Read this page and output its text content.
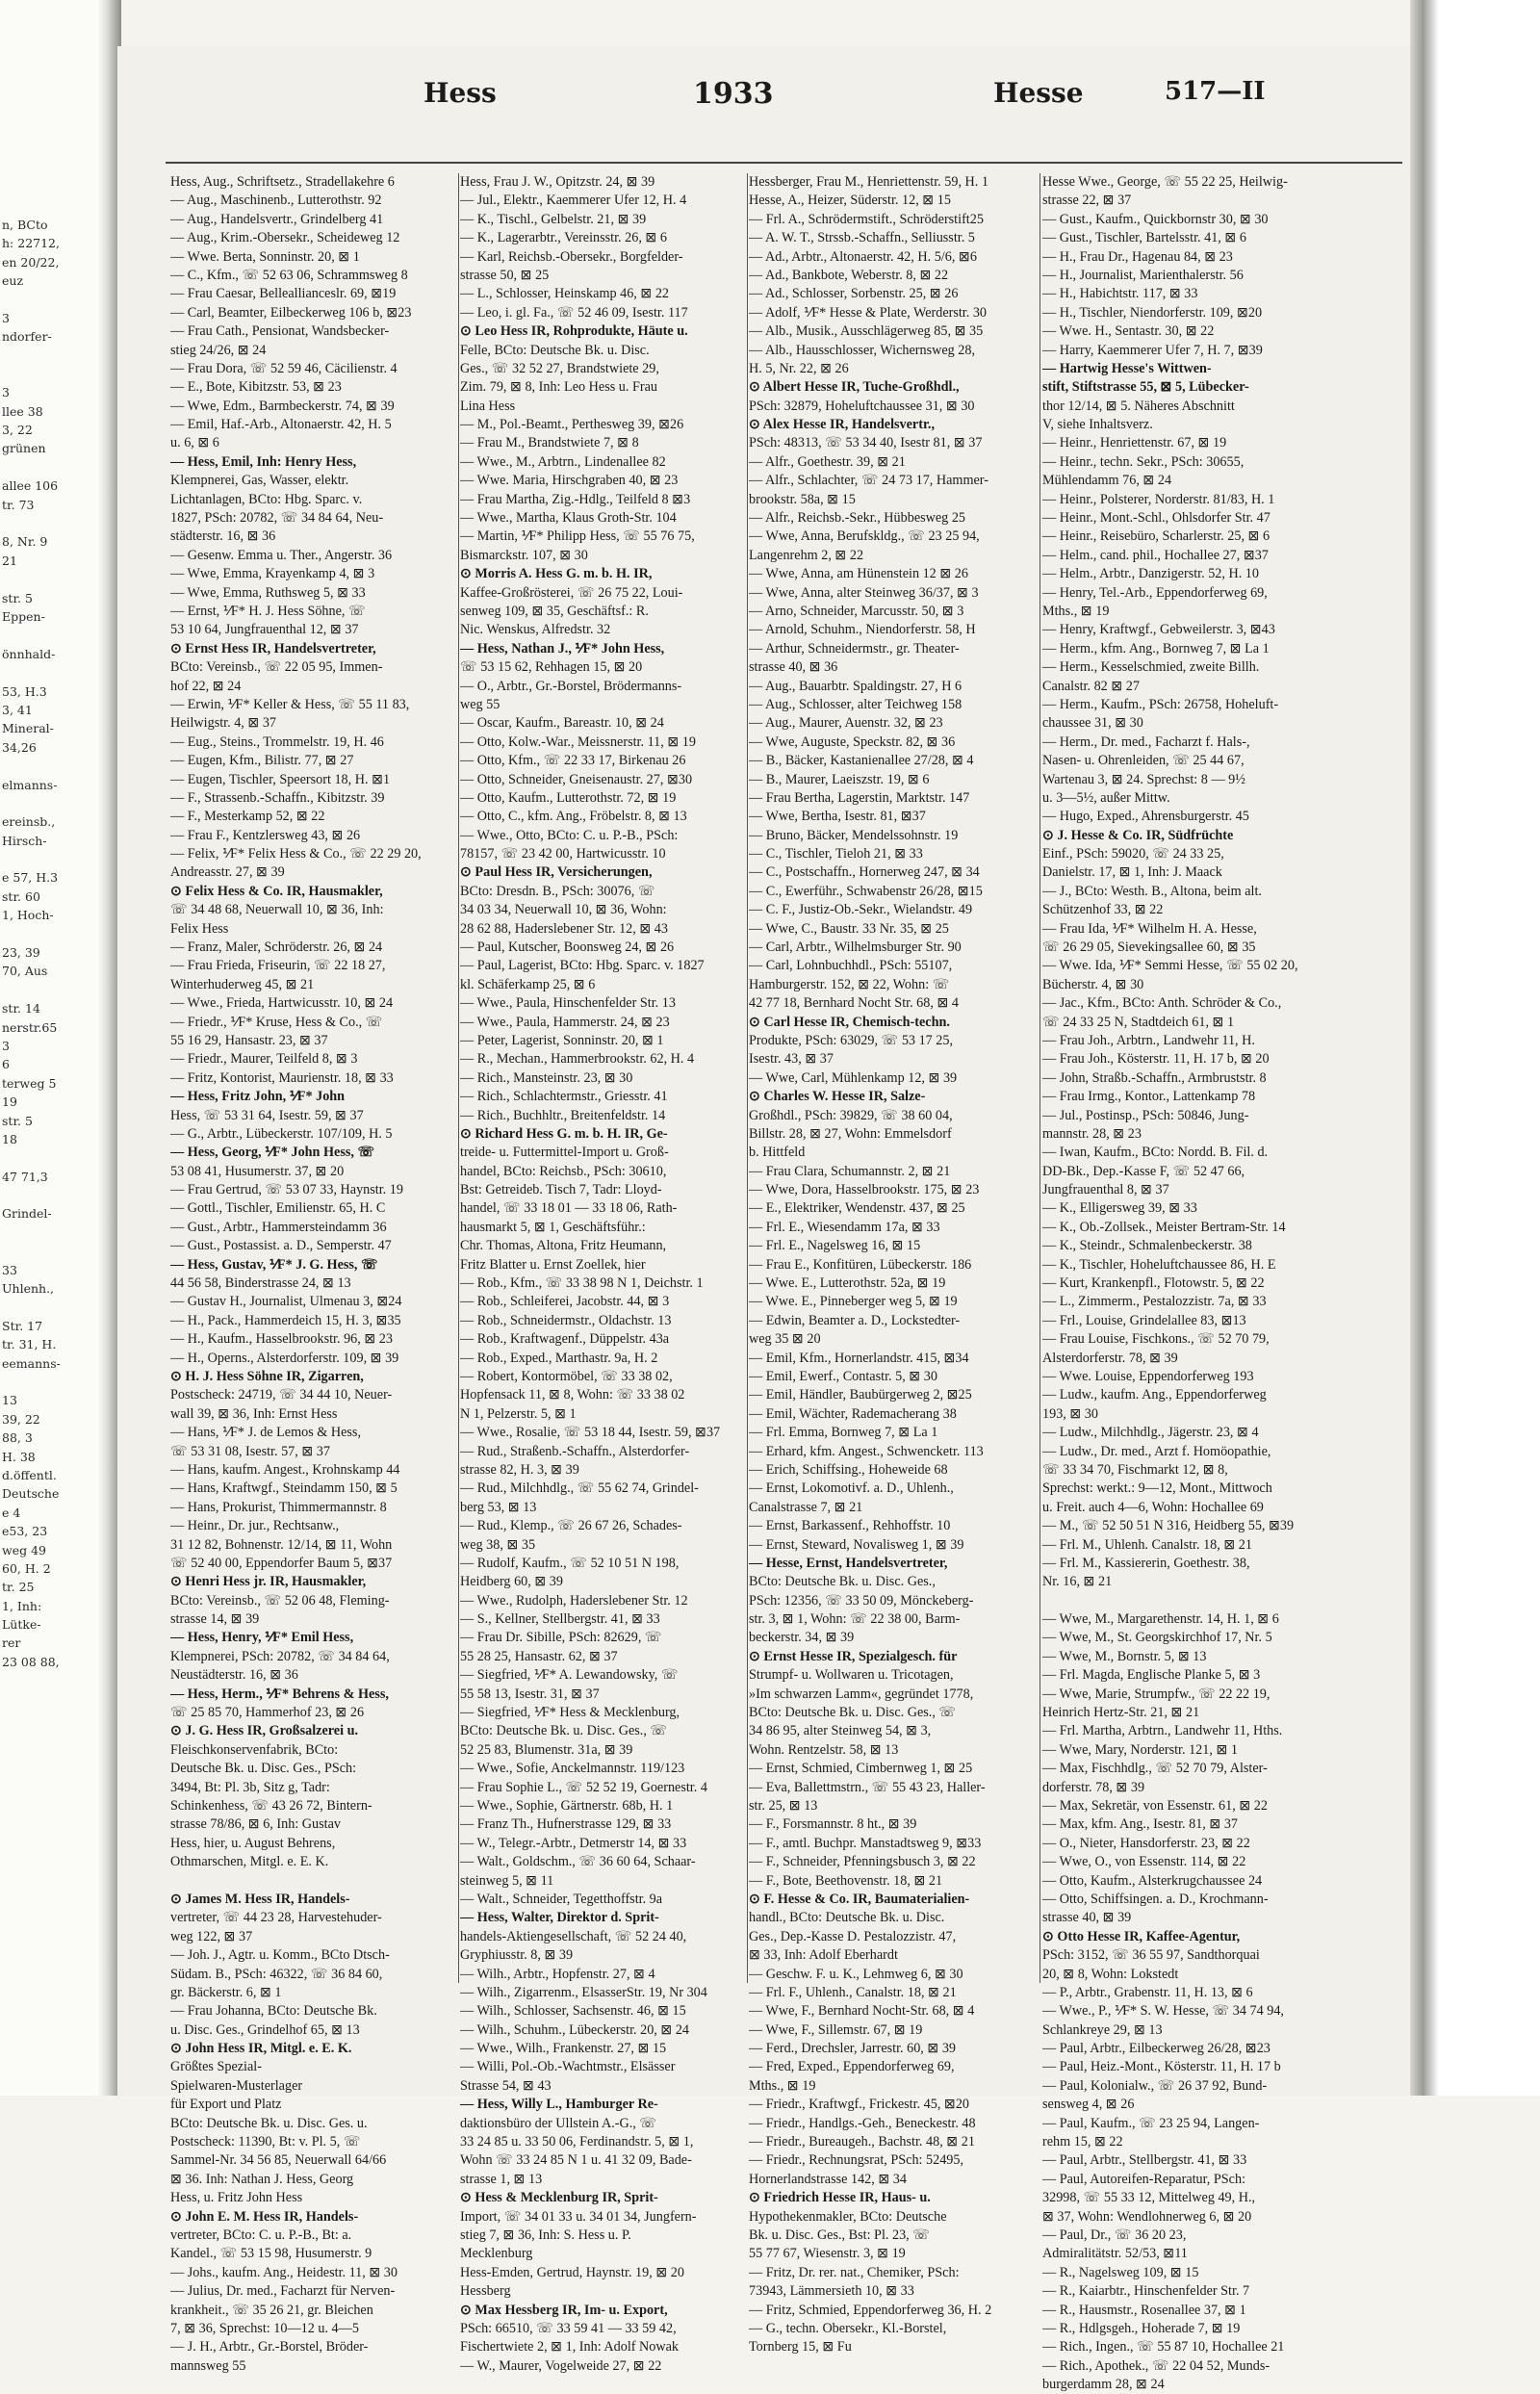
n, BCto
h: 22712,
en 20/22,
euz
3
ndorfer-
3
llee 38
3, 22
grünen
allee 106
tr. 73
8, Nr. 9
21
str. 5
Eppen-
önnhald-
53, H.3
3, 41
Mineral-
34,26
elmanns-
ereinsb.,
Hirsch-
e 57, H.3
str. 60
1, Hoch-
23, 39
70, Aus
str. 14
nerstr.65
3
6
terweg 5
19
str. 5
18
47 71,3
Grindel-
33
Uhlenh.,
Str. 17
tr. 31, H.
eemanns-
13
39, 22
88, 3
H. 38
d.öffentl.
Deutsche
e 4
e53, 23
weg 49
60, H. 2
tr. 25
1, Inh:
Lütke-
rer
23 08 88,
Hess	1933	Hesse	517—II
Hess, Aug., Schriftsetz., Stradellakehre 6
— Aug., Maschinenb., Lutterothstr. 92
— Aug., Handelsvertr., Grindelberg 41
— Aug., Krim.-Obersekr., Scheideweg 12
— Wwe. Berta, Sonninstr. 20, ⊠ 1
— C., Kfm., ☏ 52 63 06, Schrammsweg 8
— Frau Caesar, Belleallianceslr. 69, ⊠19
— Carl, Beamter, Eilbeckerweg 106 b, ⊠23
— Frau Cath., Pensionat, Wandsbecker-
stieg 24/26, ⊠ 24
— Frau Dora, ☏ 52 59 46, Cäcilienstr. 4
— E., Bote, Kibitzstr. 53, ⊠ 23
— Wwe, Edm., Barmbeckerstr. 74, ⊠ 39
— Emil, Haf.-Arb., Altonaerstr. 42, H. 5
u. 6, ⊠ 6
— Hess, Emil, Inh: Henry Hess,
Klempnerei, Gas, Wasser, elektr.
Lichtanlagen, BCto: Hbg. Sparc. v.
1827, PSch: 20782, ☏ 34 84 64, Neu-
städterstr. 16, ⊠ 36
— Gesenw. Emma u. Ther., Angerstr. 36
— Wwe, Emma, Krayenkamp 4, ⊠ 3
— Wwe, Emma, Ruthsweg 5, ⊠ 33
— Ernst, ⅟F* H. J. Hess Söhne, ☏
53 10 64, Jungfrauenthal 12, ⊠ 37
⊙ Ernst Hess IR, Handelsvertreter,
BCto: Vereinsb., ☏ 22 05 95, Immen-
hof 22, ⊠ 24
— Erwin, ⅟F* Keller & Hess, ☏ 55 11 83,
Heilwigstr. 4, ⊠ 37
— Eug., Steins., Trommelstr. 19, H. 46
— Eugen, Kfm., Bilistr. 77, ⊠ 27
— Eugen, Tischler, Speersort 18, H. ⊠1
— F., Strassenb.-Schaffn., Kibitzstr. 39
— F., Mesterkamp 52, ⊠ 22
— Frau F., Kentzlersweg 43, ⊠ 26
— Felix, ⅟F* Felix Hess & Co., ☏ 22 29 20,
Andreasstr. 27, ⊠ 39
⊙ Felix Hess & Co. IR, Hausmakler,
☏ 34 48 68, Neuerwall 10, ⊠ 36, Inh:
Felix Hess
— Franz, Maler, Schröderstr. 26, ⊠ 24
— Frau Frieda, Friseurin, ☏ 22 18 27,
Winterhuderweg 45, ⊠ 21
— Wwe., Frieda, Hartwicusstr. 10, ⊠ 24
— Friedr., ⅟F* Kruse, Hess & Co., ☏
55 16 29, Hansastr. 23, ⊠ 37
— Friedr., Maurer, Teilfeld 8, ⊠ 3
— Fritz, Kontorist, Maurienstr. 18, ⊠ 33
— Hess, Fritz John, ⅟F* John
Hess, ☏ 53 31 64, Isestr. 59, ⊠ 37
— G., Arbtr., Lübeckerstr. 107/109, H. 5
— Hess, Georg, ⅟F* John Hess, ☏
53 08 41, Husumerstr. 37, ⊠ 20
— Frau Gertrud, ☏ 53 07 33, Haynstr. 19
— Gottl., Tischler, Emilienstr. 65, H. C
— Gust., Arbtr., Hammersteindamm 36
— Gust., Postassist. a. D., Semperstr. 47
— Hess, Gustav, ⅟F* J. G. Hess, ☏
44 56 58, Binderstrasse 24, ⊠ 13
— Gustav H., Journalist, Ulmenau 3, ⊠24
— H., Pack., Hammerdeich 15, H. 3, ⊠35
— H., Kaufm., Hasselbrookstr. 96, ⊠ 23
— H., Operns., Alsterdorferstr. 109, ⊠ 39
⊙ H. J. Hess Söhne IR, Zigarren,
Postscheck: 24719, ☏ 34 44 10, Neuer-
wall 39, ⊠ 36, Inh: Ernst Hess
— Hans, ⅟F* J. de Lemos & Hess,
☏ 53 31 08, Isestr. 57, ⊠ 37
— Hans, kaufm. Angest., Krohnskamp 44
— Hans, Kraftwgf., Steindamm 150, ⊠ 5
— Hans, Prokurist, Thimmermannstr. 8
— Heinr., Dr. jur., Rechtsanw.,
31 12 82, Bohnenstr. 12/14, ⊠ 11, Wohn
☏ 52 40 00, Eppendorfer Baum 5, ⊠37
⊙ Henri Hess jr. IR, Hausmakler,
BCto: Vereinsb., ☏ 52 06 48, Fleming-
strasse 14, ⊠ 39
— Hess, Henry, ⅟F* Emil Hess,
Klempnerei, PSch: 20782, ☏ 34 84 64,
Neustädterstr. 16, ⊠ 36
— Hess, Herm., ⅟F* Behrens & Hess,
☏ 25 85 70, Hammerhof 23, ⊠ 26
⊙ J. G. Hess IR, Großsalzerei u.
Fleischkonservenfabrik, BCto:
Deutsche Bk. u. Disc. Ges., PSch:
3494, Bt: Pl. 3b, Sitz g, Tadr:
Schinkenhess, ☏ 43 26 72, Bintern-
strasse 78/86, ⊠ 6, Inh: Gustav
Hess, hier, u. August Behrens,
Othmarschen, Mitgl. e. E. K.
⊙ James M. Hess IR, Handels-
vertreter, ☏ 44 23 28, Harvestehuder-
weg 122, ⊠ 37
— Joh. J., Agtr. u. Komm., BCto Dtsch-
Südam. B., PSch: 46322, ☏ 36 84 60,
gr. Bäckerstr. 6, ⊠ 1
— Frau Johanna, BCto: Deutsche Bk.
u. Disc. Ges., Grindelhof 65, ⊠ 13
⊙ John Hess IR, Mitgl. e. E. K.
Größtes Spezial-
Spielwaren-Musterlager
für Export und Platz
BCto: Deutsche Bk. u. Disc. Ges. u.
Postscheck: 11390, Bt: v. Pl. 5, ☏
Sammel-Nr. 34 56 85, Neuerwall 64/66
⊠ 36. Inh: Nathan J. Hess, Georg
Hess, u. Fritz John Hess
⊙ John E. M. Hess IR, Handels-
vertreter, BCto: C. u. P.-B., Bt: a.
Kandel., ☏ 53 15 98, Husumerstr. 9
— Johs., kaufm. Ang., Heidestr. 11, ⊠ 30
— Julius, Dr. med., Facharzt für Nerven-
krankheit., ☏ 35 26 21, gr. Bleichen
7, ⊠ 36, Sprechst: 10—12 u. 4—5
— J. H., Arbtr., Gr.-Borstel, Bröder-
mannsweg 55
Hess, Frau J. W., Opitzstr. 24, ⊠ 39
— Jul., Elektr., Kaemmerer Ufer 12, H. 4
— K., Tischl., Gelbelstr. 21, ⊠ 39
— K., Lagerarbtr., Vereinsstr. 26, ⊠ 6
— Karl, Reichsb.-Obersekr., Borgfelder-
strasse 50, ⊠ 25
— L., Schlosser, Heinskamp 46, ⊠ 22
— Leo, i. gl. Fa., ☏ 52 46 09, Isestr. 117
⊙ Leo Hess IR, Rohprodukte, Häute u.
Felle, BCto: Deutsche Bk. u. Disc.
Ges., ☏ 32 52 27, Brandstwiete 29,
Zim. 79, ⊠ 8, Inh: Leo Hess u. Frau
Lina Hess
— M., Pol.-Beamt., Perthesweg 39, ⊠26
— Frau M., Brandstwiete 7, ⊠ 8
— Wwe., M., Arbtrn., Lindenallee 82
— Wwe. Maria, Hirschgraben 40, ⊠ 23
— Frau Martha, Zig.-Hdlg., Teilfeld 8 ⊠3
— Wwe., Martha, Klaus Groth-Str. 104
— Martin, ⅟F* Philipp Hess, ☏ 55 76 75,
Bismarckstr. 107, ⊠ 30
⊙ Morris A. Hess G. m. b. H. IR,
Kaffee-Großrösterei, ☏ 26 75 22, Loui-
senweg 109, ⊠ 35, Geschäftsf.: R.
Nic. Wenskus, Alfredstr. 32
— Hess, Nathan J., ⅟F* John Hess,
☏ 53 15 62, Rehhagen 15, ⊠ 20
— O., Arbtr., Gr.-Borstel, Brödermanns-
weg 55
— Oscar, Kaufm., Bareastr. 10, ⊠ 24
— Otto, Kolw.-War., Meissnerstr. 11, ⊠ 19
— Otto, Kfm., ☏ 22 33 17, Birkenau 26
— Otto, Schneider, Gneisenaustr. 27, ⊠30
— Otto, Kaufm., Lutterothstr. 72, ⊠ 19
— Otto, C., kfm. Ang., Fröbelstr. 8, ⊠ 13
— Wwe., Otto, BCto: C. u. P.-B., PSch:
78157, ☏ 23 42 00, Hartwicusstr. 10
⊙ Paul Hess IR, Versicherungen,
BCto: Dresdn. B., PSch: 30076, ☏
34 03 34, Neuerwall 10, ⊠ 36, Wohn:
28 62 88, Haderslebener Str. 12, ⊠ 43
— Paul, Kutscher, Boonsweg 24, ⊠ 26
— Paul, Lagerist, BCto: Hbg. Sparc. v. 1827
kl. Schäferkamp 25, ⊠ 6
— Wwe., Paula, Hinschenfelder Str. 13
— Wwe., Paula, Hammerstr. 24, ⊠ 23
— Peter, Lagerist, Sonninstr. 20, ⊠ 1
— R., Mechan., Hammerbrookstr. 62, H. 4
— Rich., Mansteinstr. 23, ⊠ 30
— Rich., Schlachtermstr., Griesstr. 41
— Rich., Buchhltr., Breitenfeldstr. 14
⊙ Richard Hess G. m. b. H. IR, Ge-
treide- u. Futtermittel-Import u. Groß-
handel, BCto: Reichsb., PSch: 30610,
Bst: Getreideb. Tisch 7, Tadr: Lloyd-
handel, ☏ 33 18 01 — 33 18 06, Rath-
hausmarkt 5, ⊠ 1, Geschäftsführ.:
Chr. Thomas, Altona, Fritz Heumann,
Fritz Blatter u. Ernst Zoellek, hier
— Rob., Kfm., ☏ 33 38 98 N 1, Deichstr. 1
— Rob., Schleiferei, Jacobstr. 44, ⊠ 3
— Rob., Schneidermstr., Oldachstr. 13
— Rob., Kraftwagenf., Düppelstr. 43a
— Rob., Exped., Marthastr. 9a, H. 2
— Robert, Kontormöbel, ☏ 33 38 02,
Hopfensack 11, ⊠ 8, Wohn: ☏ 33 38 02
N 1, Pelzerstr. 5, ⊠ 1
— Wwe., Rosalie, ☏ 53 18 44, Isestr. 59, ⊠37
— Rud., Straßenb.-Schaffn., Alsterdorfer-
strasse 82, H. 3, ⊠ 39
— Rud., Milchhdlg., ☏ 55 62 74, Grindel-
berg 53, ⊠ 13
— Rud., Klemp., ☏ 26 67 26, Schades-
weg 38, ⊠ 35
— Rudolf, Kaufm., ☏ 52 10 51 N 198,
Heidberg 60, ⊠ 39
— Wwe., Rudolph, Haderslebener Str. 12
— S., Kellner, Stellbergstr. 41, ⊠ 33
— Frau Dr. Sibille, PSch: 82629, ☏
55 28 25, Hansastr. 62, ⊠ 37
— Siegfried, ⅟F* A. Lewandowsky, ☏
55 58 13, Isestr. 31, ⊠ 37
— Siegfried, ⅟F* Hess & Mecklenburg,
BCto: Deutsche Bk. u. Disc. Ges., ☏
52 25 83, Blumenstr. 31a, ⊠ 39
— Wwe., Sofie, Anckelmannstr. 119/123
— Frau Sophie L., ☏ 52 52 19, Goernestr. 4
— Wwe., Sophie, Gärtnerstr. 68b, H. 1
— Franz Th., Hufnerstrasse 129, ⊠ 33
— W., Telegr.-Arbtr., Detmerstr 14, ⊠ 33
— Walt., Goldschm., ☏ 36 60 64, Schaar-
steinweg 5, ⊠ 11
— Walt., Schneider, Tegetthoffstr. 9a
— Hess, Walter, Direktor d. Sprit-
handels-Aktiengesellschaft, ☏ 52 24 40,
Gryphiusstr. 8, ⊠ 39
— Wilh., Arbtr., Hopfenstr. 27, ⊠ 4
— Wilh., Zigarrenm., ElsasserStr. 19, Nr 304
— Wilh., Schlosser, Sachsenstr. 46, ⊠ 15
— Wilh., Schuhm., Lübeckerstr. 20, ⊠ 24
— Wwe., Wilh., Frankenstr. 27, ⊠ 15
— Willi, Pol.-Ob.-Wachtmstr., Elsässer
Strasse 54, ⊠ 43
— Hess, Willy L., Hamburger Re-
daktionsbüro der Ullstein A.-G., ☏
33 24 85 u. 33 50 06, Ferdinandstr. 5, ⊠ 1,
Wohn ☏ 33 24 85 N 1 u. 41 32 09, Bade-
strasse 1, ⊠ 13
⊙ Hess & Mecklenburg IR, Sprit-
Import, ☏ 34 01 33 u. 34 01 34, Jungfern-
stieg 7, ⊠ 36, Inh: S. Hess u. P.
Mecklenburg
Hess-Emden, Gertrud, Haynstr. 19, ⊠ 20
Hessberg
⊙ Max Hessberg IR, Im- u. Export,
PSch: 66510, ☏ 33 59 41 — 33 59 42,
Fischertwiete 2, ⊠ 1, Inh: Adolf Nowak
— W., Maurer, Vogelweide 27, ⊠ 22
Hessberger, Frau M., Henriettenstr. 59, H. 1
Hesse, A., Heizer, Süderstr. 12, ⊠ 15
— Frl. A., Schrödermstift., Schröderstift25
— A. W. T., Strssb.-Schaffn., Selliusstr. 5
— Ad., Arbtr., Altonaerstr. 42, H. 5/6, ⊠6
— Ad., Bankbote, Weberstr. 8, ⊠ 22
— Ad., Schlosser, Sorbenstr. 25, ⊠ 26
— Adolf, ⅟F* Hesse & Plate, Werderstr. 30
— Alb., Musik., Ausschlägerweg 85, ⊠ 35
— Alb., Hausschlosser, Wichernsweg 28,
H. 5, Nr. 22, ⊠ 26
⊙ Albert Hesse IR, Tuche-Großhdl.,
PSch: 32879, Hoheluftchaussee 31, ⊠ 30
⊙ Alex Hesse IR, Handelsvertr.,
PSch: 48313, ☏ 53 34 40, Isestr 81, ⊠ 37
— Alfr., Goethestr. 39, ⊠ 21
— Alfr., Schlachter, ☏ 24 73 17, Hammer-
brookstr. 58a, ⊠ 15
— Alfr., Reichsb.-Sekr., Hübbesweg 25
— Wwe, Anna, Berufskldg., ☏ 23 25 94,
Langenrehm 2, ⊠ 22
— Wwe, Anna, am Hünenstein 12 ⊠ 26
— Wwe, Anna, alter Steinweg 36/37, ⊠ 3
— Arno, Schneider, Marcusstr. 50, ⊠ 3
— Arnold, Schuhm., Niendorferstr. 58, H
— Arthur, Schneidermstr., gr. Theater-
strasse 40, ⊠ 36
— Aug., Bauarbtr. Spaldingstr. 27, H 6
— Aug., Schlosser, alter Teichweg 158
— Aug., Maurer, Auenstr. 32, ⊠ 23
— Wwe, Auguste, Speckstr. 82, ⊠ 36
— B., Bäcker, Kastanienallee 27/28, ⊠ 4
— B., Maurer, Laeiszstr. 19, ⊠ 6
— Frau Bertha, Lagerstin, Marktstr. 147
— Wwe, Bertha, Isestr. 81, ⊠37
— Bruno, Bäcker, Mendelssohnstr. 19
— C., Tischler, Tieloh 21, ⊠ 33
— C., Postschaffn., Hornerweg 247, ⊠ 34
— C., Ewerführ., Schwabenstr 26/28, ⊠15
— C. F., Justiz-Ob.-Sekr., Wielandstr. 49
— Wwe, C., Baustr. 33 Nr. 35, ⊠ 25
— Carl, Arbtr., Wilhelmsburger Str. 90
— Carl, Lohnbuchhdl., PSch: 55107,
Hamburgerstr. 152, ⊠ 22, Wohn: ☏
42 77 18, Bernhard Nocht Str. 68, ⊠ 4
⊙ Carl Hesse IR, Chemisch-techn.
Produkte, PSch: 63029, ☏ 53 17 25,
Isestr. 43, ⊠ 37
— Wwe, Carl, Mühlenkamp 12, ⊠ 39
⊙ Charles W. Hesse IR, Salze-
Großhdl., PSch: 39829, ☏ 38 60 04,
Billstr. 28, ⊠ 27, Wohn: Emmelsdorf
b. Hittfeld
— Frau Clara, Schumannstr. 2, ⊠ 21
— Wwe, Dora, Hasselbrookstr. 175, ⊠ 23
— E., Elektriker, Wendenstr. 437, ⊠ 25
— Frl. E., Wiesendamm 17a, ⊠ 33
— Frl. E., Nagelsweg 16, ⊠ 15
— Frau E., Konfitüren, Lübeckerstr. 186
— Wwe. E., Lutterothstr. 52a, ⊠ 19
— Wwe. E., Pinneberger weg 5, ⊠ 19
— Edwin, Beamter a. D., Lockstedter-
weg 35 ⊠ 20
— Emil, Kfm., Hornerlandstr. 415, ⊠34
— Emil, Ewerf., Contastr. 5, ⊠ 30
— Emil, Händler, Baubürgerweg 2, ⊠25
— Emil, Wächter, Rademacherang 38
— Frl. Emma, Bornweg 7, ⊠ La 1
— Erhard, kfm. Angest., Schwencketr. 113
— Erich, Schiffsing., Hoheweide 68
— Ernst, Lokomotivf. a. D., Uhlenh.,
Canalstrasse 7, ⊠ 21
— Ernst, Barkassenf., Rehhoffstr. 10
— Ernst, Steward, Novalisweg 1, ⊠ 39
— Hesse, Ernst, Handelsvertreter,
BCto: Deutsche Bk. u. Disc. Ges.,
PSch: 12356, ☏ 33 50 09, Mönckeberg-
str. 3, ⊠ 1, Wohn: ☏ 22 38 00, Barm-
beckerstr. 34, ⊠ 39
⊙ Ernst Hesse IR, Spezialgesch. für
Strumpf- u. Wollwaren u. Tricotagen,
»Im schwarzen Lamm«, gegründet 1778,
BCto: Deutsche Bk. u. Disc. Ges., ☏
34 86 95, alter Steinweg 54, ⊠ 3,
Wohn. Rentzelstr. 58, ⊠ 13
— Ernst, Schmied, Cimbernweg 1, ⊠ 25
— Eva, Ballettmstrn., ☏ 55 43 23, Haller-
str. 25, ⊠ 13
— F., Forsmannstr. 8 ht., ⊠ 39
— F., amtl. Buchpr. Manstadtsweg 9, ⊠33
— F., Schneider, Pfenningsbusch 3, ⊠ 22
— F., Bote, Beethovenstr. 18, ⊠ 21
⊙ F. Hesse & Co. IR, Baumaterialien-
handl., BCto: Deutsche Bk. u. Disc.
Ges., Dep.-Kasse D. Pestalozzistr. 47,
⊠ 33, Inh: Adolf Eberhardt
— Geschw. F. u. K., Lehmweg 6, ⊠ 30
— Frl. F., Uhlenh., Canalstr. 18, ⊠ 21
— Wwe, F., Bernhard Nocht-Str. 68, ⊠ 4
— Wwe, F., Sillemstr. 67, ⊠ 19
— Ferd., Drechsler, Jarrestr. 60, ⊠ 39
— Fred, Exped., Eppendorferweg 69,
Mths., ⊠ 19
— Friedr., Kraftwgf., Frickestr. 45, ⊠20
— Friedr., Handlgs.-Geh., Beneckestr. 48
— Friedr., Bureaugeh., Bachstr. 48, ⊠ 21
— Friedr., Rechnungsrat, PSch: 52495,
Hornerlandstrasse 142, ⊠ 34
⊙ Friedrich Hesse IR, Haus- u.
Hypothekenmakler, BCto: Deutsche
Bk. u. Disc. Ges., Bst: Pl. 23, ☏
55 77 67, Wiesenstr. 3, ⊠ 19
— Fritz, Dr. rer. nat., Chemiker, PSch:
73943, Lämmersieth 10, ⊠ 33
— Fritz, Schmied, Eppendorferweg 36, H. 2
— G., techn. Obersekr., Kl.-Borstel,
Tornberg 15, ⊠ Fu
Hesse Wwe., George, ☏ 55 22 25, Heilwig-
strasse 22, ⊠ 37
— Gust., Kaufm., Quickbornstr 30, ⊠ 30
— Gust., Tischler, Bartelsstr. 41, ⊠ 6
— H., Frau Dr., Hagenau 84, ⊠ 23
— H., Journalist, Marienthalerstr. 56
— H., Habichtstr. 117, ⊠ 33
— H., Tischler, Niendorferstr. 109, ⊠20
— Wwe. H., Sentastr. 30, ⊠ 22
— Harry, Kaemmerer Ufer 7, H. 7, ⊠39
— Hartwig Hesse's Wittwen-
stift, Stiftstrasse 55, ⊠ 5, Lübecker-
thor 12/14, ⊠ 5. Näheres Abschnitt
V, siehe Inhaltsverz.
— Heinr., Henriettenstr. 67, ⊠ 19
— Heinr., techn. Sekr., PSch: 30655,
Mühlendamm 76, ⊠ 24
— Heinr., Polsterer, Norderstr. 81/83, H. 1
— Heinr., Mont.-Schl., Ohlsdorfer Str. 47
— Heinr., Reisebüro, Scharlerstr. 25, ⊠ 6
— Helm., cand. phil., Hochallee 27, ⊠37
— Helm., Arbtr., Danzigerstr. 52, H. 10
— Henry, Tel.-Arb., Eppendorferweg 69,
Mths., ⊠ 19
— Henry, Kraftwgf., Gebweilerstr. 3, ⊠43
— Herm., kfm. Ang., Bornweg 7, ⊠ La 1
— Herm., Kesselschmied, zweite Billh.
Canalstr. 82 ⊠ 27
— Herm., Kaufm., PSch: 26758, Hoheluft-
chaussee 31, ⊠ 30
— Herm., Dr. med., Facharzt f. Hals-,
Nasen- u. Ohrenleiden, ☏ 25 44 67,
Wartenau 3, ⊠ 24. Sprechst: 8 — 9½
u. 3—5½, außer Mittw.
— Hugo, Exped., Ahrensburgerstr. 45
⊙ J. Hesse & Co. IR, Südfrüchte
Einf., PSch: 59020, ☏ 24 33 25,
Danielstr. 17, ⊠ 1, Inh: J. Maack
— J., BCto: Westh. B., Altona, beim alt.
Schützenhof 33, ⊠ 22
— Frau Ida, ⅟F* Wilhelm H. A. Hesse,
☏ 26 29 05, Sievekingsallee 60, ⊠ 35
— Wwe. Ida, ⅟F* Semmi Hesse, ☏ 55 02 20,
Bücherstr. 4, ⊠ 30
— Jac., Kfm., BCto: Anth. Schröder & Co.,
☏ 24 33 25 N, Stadtdeich 61, ⊠ 1
— Frau Joh., Arbtrn., Landwehr 11, H.
— Frau Joh., Kösterstr. 11, H. 17 b, ⊠ 20
— John, Straßb.-Schaffn., Armbruststr. 8
— Frau Irmg., Kontor., Lattenkamp 78
— Jul., Postinsp., PSch: 50846, Jung-
mannstr. 28, ⊠ 23
— Iwan, Kaufm., BCto: Nordd. B. Fil. d.
DD-Bk., Dep.-Kasse F, ☏ 52 47 66,
Jungfrauenthal 8, ⊠ 37
— K., Elligersweg 39, ⊠ 33
— K., Ob.-Zollsek., Meister Bertram-Str. 14
— K., Steindr., Schmalenbeckerstr. 38
— K., Tischler, Hoheluftchaussee 86, H. E
— Kurt, Krankenpfl., Flotowstr. 5, ⊠ 22
— L., Zimmerm., Pestalozzistr. 7a, ⊠ 33
— Frl., Louise, Grindelallee 83, ⊠13
— Frau Louise, Fischkons., ☏ 52 70 79,
Alsterdorferstr. 78, ⊠ 39
— Wwe. Louise, Eppendorferweg 193
— Ludw., kaufm. Ang., Eppendorferweg
193, ⊠ 30
— Ludw., Milchhdlg., Jägerstr. 23, ⊠ 4
— Ludw., Dr. med., Arzt f. Homöopathie,
☏ 33 34 70, Fischmarkt 12, ⊠ 8,
Sprechst: werkt.: 9—12, Mont., Mittwoch
u. Freit. auch 4—6, Wohn: Hochallee 69
— M., ☏ 52 50 51 N 316, Heidberg 55, ⊠39
— Frl. M., Uhlenh. Canalstr. 18, ⊠ 21
— Frl. M., Kassiererin, Goethestr. 38,
Nr. 16, ⊠ 21
— Wwe, M., Margarethenstr. 14, H. 1, ⊠ 6
— Wwe, M., St. Georgskirchhof 17, Nr. 5
— Wwe, M., Bornstr. 5, ⊠ 13
— Frl. Magda, Englische Planke 5, ⊠ 3
— Wwe, Marie, Strumpfw., ☏ 22 22 19,
Heinrich Hertz-Str. 21, ⊠ 21
— Frl. Martha, Arbtrn., Landwehr 11, Hths.
— Wwe, Mary, Norderstr. 121, ⊠ 1
— Max, Fischhdlg., ☏ 52 70 79, Alster-
dorferstr. 78, ⊠ 39
— Max, Sekretär, von Essenstr. 61, ⊠ 22
— Max, kfm. Ang., Isestr. 81, ⊠ 37
— O., Nieter, Hansdorferstr. 23, ⊠ 22
— Wwe, O., von Essenstr. 114, ⊠ 22
— Otto, Kaufm., Alsterkrugchaussee 24
— Otto, Schiffsingen. a. D., Krochmann-
strasse 40, ⊠ 39
⊙ Otto Hesse IR, Kaffee-Agentur,
PSch: 3152, ☏ 36 55 97, Sandthorquai
20, ⊠ 8, Wohn: Lokstedt
— P., Arbtr., Grabenstr. 11, H. 13, ⊠ 6
— Wwe., P., ⅟F* S. W. Hesse, ☏ 34 74 94,
Schlankreye 29, ⊠ 13
— Paul, Arbtr., Eilbeckerweg 26/28, ⊠23
— Paul, Heiz.-Mont., Kösterstr. 11, H. 17 b
— Paul, Kolonialw., ☏ 26 37 92, Bund-
sensweg 4, ⊠ 26
— Paul, Kaufm., ☏ 23 25 94, Langen-
rehm 15, ⊠ 22
— Paul, Arbtr., Stellbergstr. 41, ⊠ 33
— Paul, Autoreifen-Reparatur, PSch:
32998, ☏ 55 33 12, Mittelweg 49, H.,
⊠ 37, Wohn: Wendlohnerweg 6, ⊠ 20
— Paul, Dr., ☏ 36 20 23,
Admiralitätstr. 52/53, ⊠11
— R., Nagelsweg 109, ⊠ 15
— R., Kaiarbtr., Hinschenfelder Str. 7
— R., Hausmstr., Rosenallee 37, ⊠ 1
— R., Hdlgsgeh., Hoherade 7, ⊠ 19
— Rich., Ingen., ☏ 55 87 10, Hochallee 21
— Rich., Apothek., ☏ 22 04 52, Munds-
burgerdamm 28, ⊠ 24
